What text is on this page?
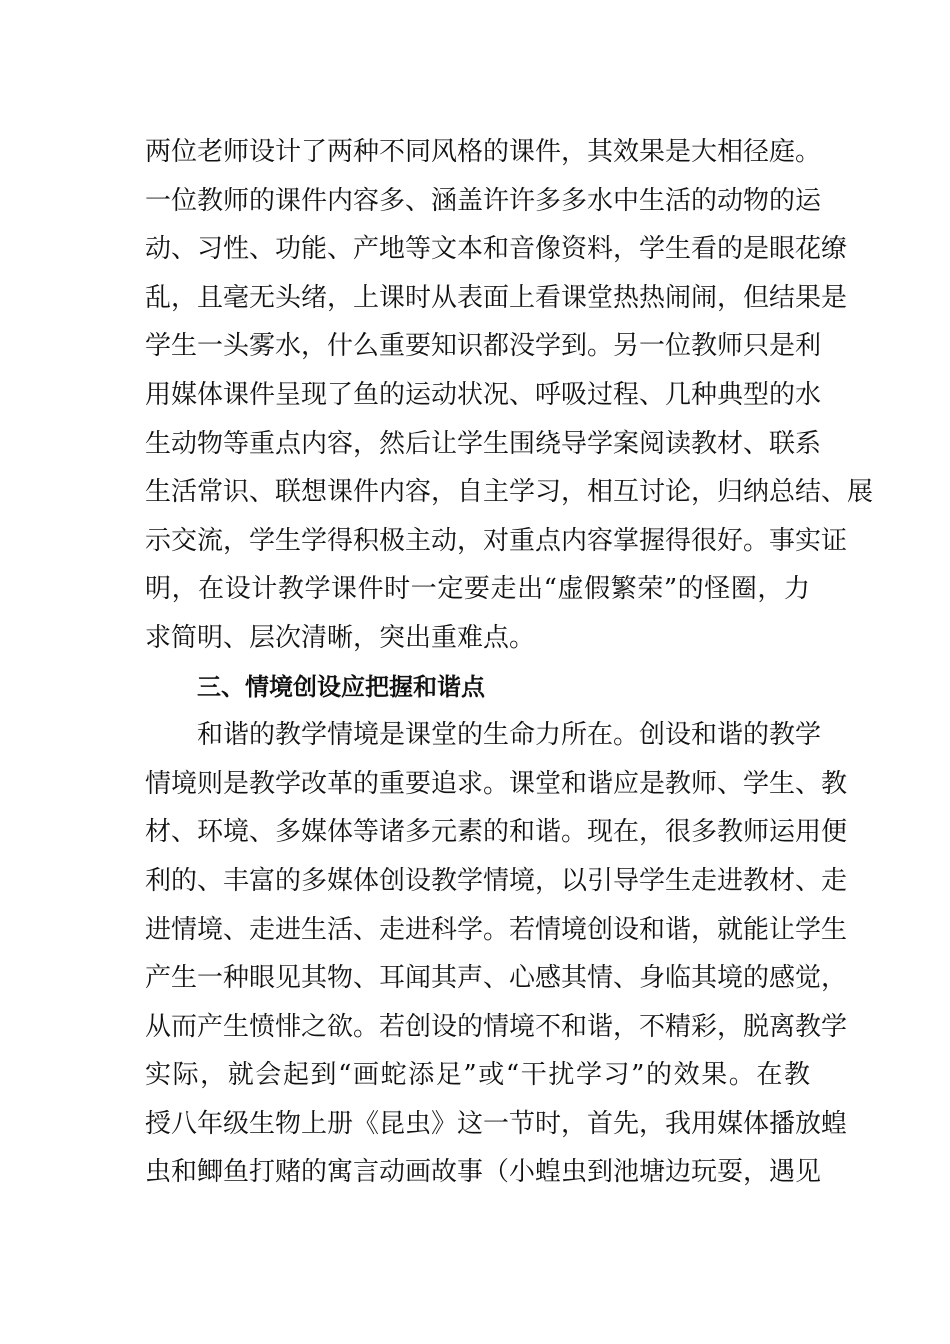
两位老师设计了两种不同风格的课件，其效果是大相径庭。
一位教师的课件内容多、涵盖许许多多水中生活的动物的运
动、习性、功能、产地等文本和音像资料，学生看的是眼花缭
乱，且毫无头绪，上课时从表面上看课堂热热闹闹，但结果是
学生一头雾水，什么重要知识都没学到。另一位教师只是利
用媒体课件呈现了鱼的运动状况、呼吸过程、几种典型的水
生动物等重点内容，然后让学生围绕导学案阅读教材、联系
生活常识、联想课件内容，自主学习，相互讨论，归纳总结、展
示交流，学生学得积极主动，对重点内容掌握得很好。事实证
明，在设计教学课件时一定要走出“虚假繁荣”的怪圈，力
求简明、层次清晰，突出重难点。
三、情境创设应把握和谐点
和谐的教学情境是课堂的生命力所在。创设和谐的教学
情境则是教学改革的重要追求。课堂和谐应是教师、学生、教
材、环境、多媒体等诸多元素的和谐。现在，很多教师运用便
利的、丰富的多媒体创设教学情境，以引导学生走进教材、走
进情境、走进生活、走进科学。若情境创设和谐，就能让学生
产生一种眼见其物、耳闻其声、心感其情、身临其境的感觉，
从而产生愤悱之欲。若创设的情境不和谐，不精彩，脱离教学
实际，就会起到“画蛇添足”或“干扰学习”的效果。在教
授八年级生物上册《昆虫》这一节时，首先，我用媒体播放蝗
虫和鲫鱼打赌的寓言动画故事（小蝗虫到池塘边玩耍，遇见
